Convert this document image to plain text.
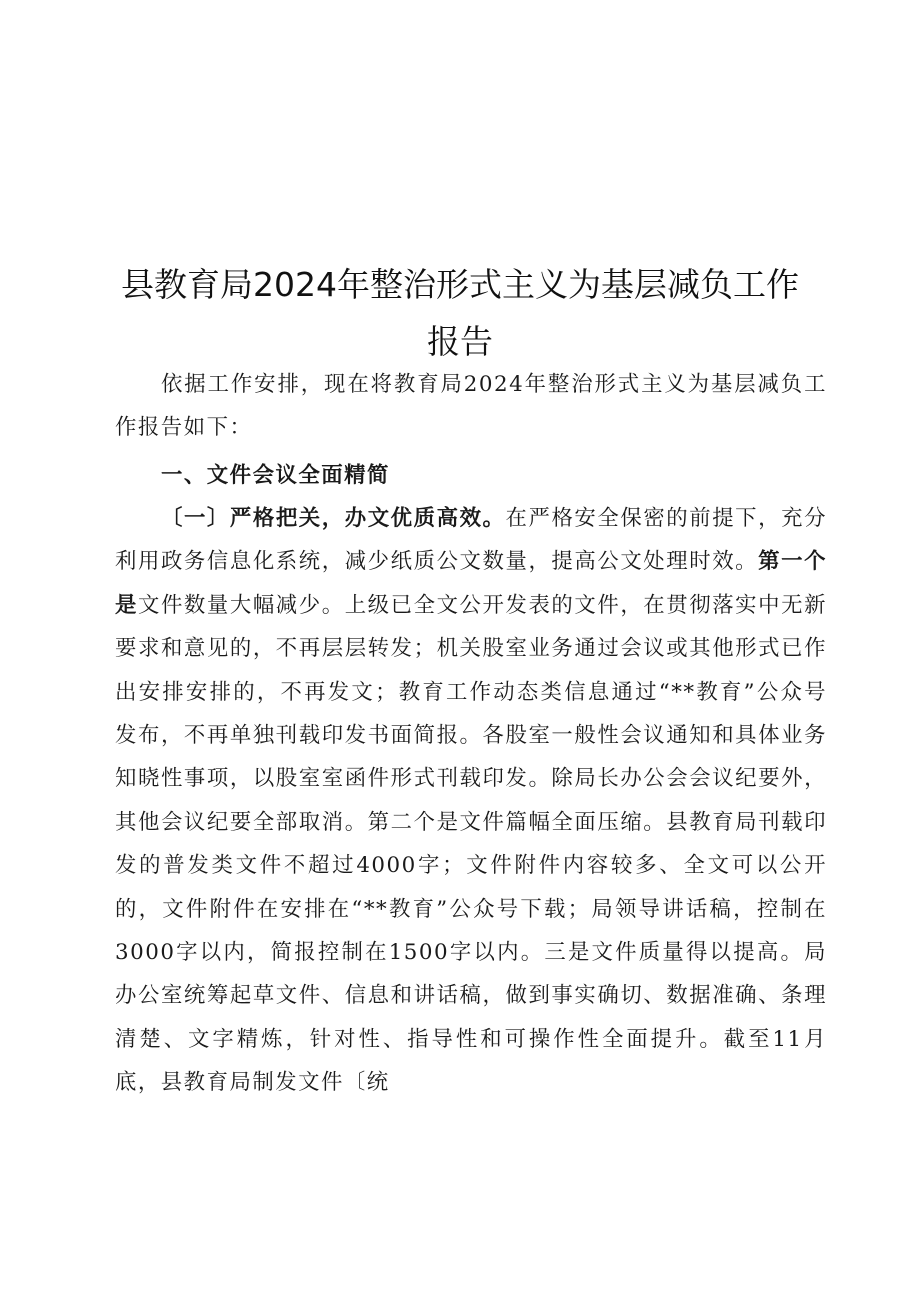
县教育局2024年整治形式主义为基层减负工作
报告

依据工作安排，现在将教育局2024年整治形式主义为基层减负工作报告如下：

一、文件会议全面精简

〔一〕严格把关，办文优质高效。在严格安全保密的前提下，充分利用政务信息化系统，减少纸质公文数量，提高公文处理时效。第一个是文件数量大幅减少。上级已全文公开发表的文件，在贯彻落实中无新要求和意见的，不再层层转发；机关股室业务通过会议或其他形式已作出安排安排的，不再发文；教育工作动态类信息通过“**教育”公众号发布，不再单独刊载印发书面简报。各股室一般性会议通知和具体业务知晓性事项，以股室室函件形式刊载印发。除局长办公会会议纪要外，其他会议纪要全部取消。第二个是文件篇幅全面压缩。县教育局刊载印发的普发类文件不超过4000字；文件附件内容较多、全文可以公开的，文件附件在安排在“**教育”公众号下载；局领导讲话稿，控制在3000字以内，简报控制在1500字以内。三是文件质量得以提高。局办公室统筹起草文件、信息和讲话稿，做到事实确切、数据准确、条理清楚、文字精炼，针对性、指导性和可操作性全面提升。截至11月底，县教育局制发文件〔统
